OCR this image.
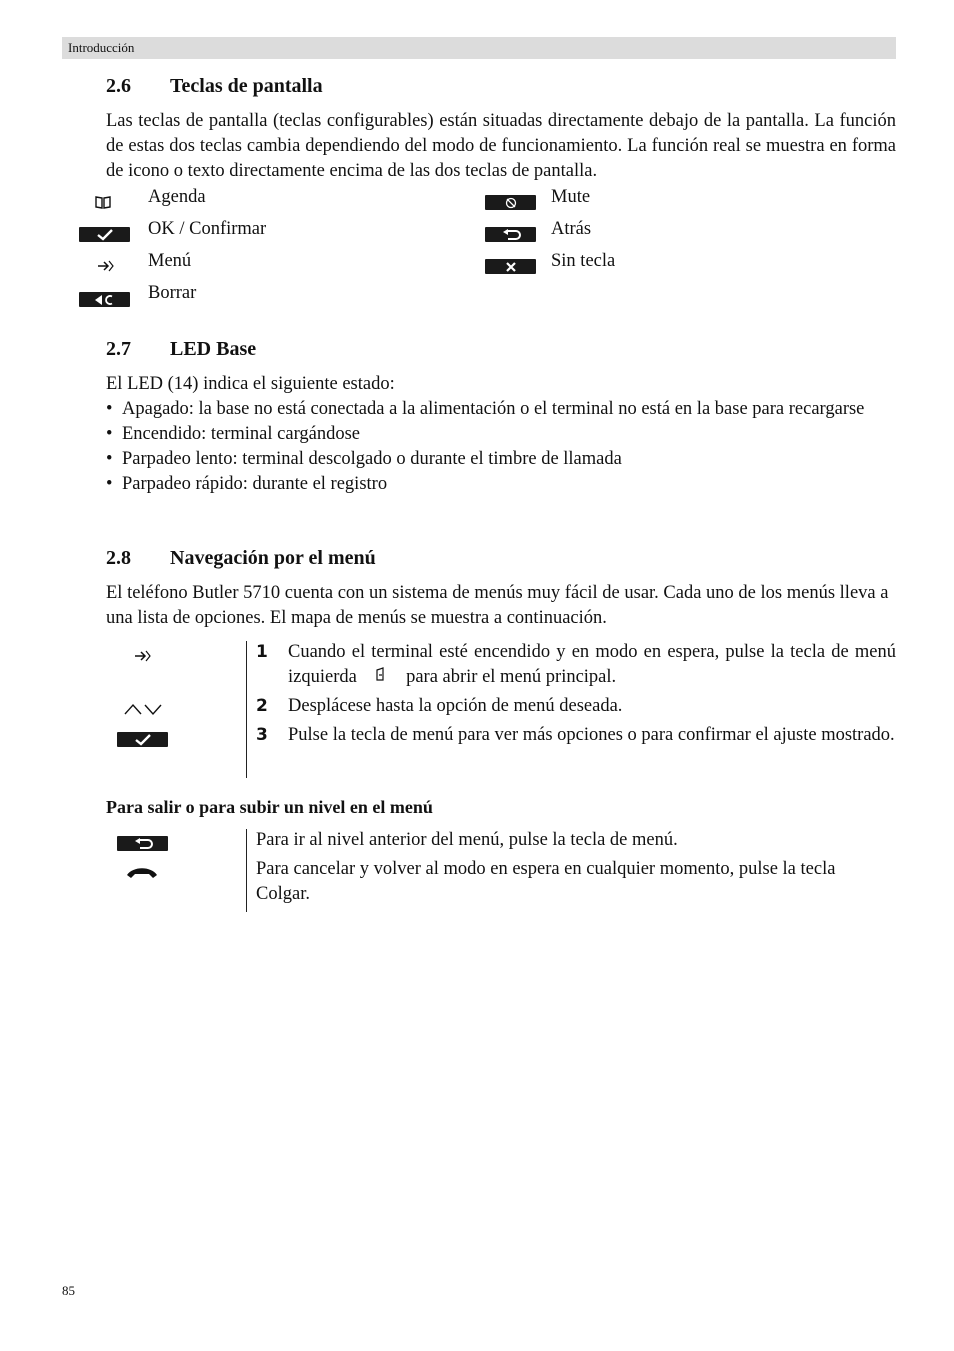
Introducción
2.6 Teclas de pantalla
Las teclas de pantalla (teclas configurables) están situadas directamente debajo de la pantalla. La función de estas dos teclas cambia dependiendo del modo de funcionamiento. La función real se muestra en forma de icono o texto directamente encima de las dos teclas de pantalla.
Agenda
OK / Confirmar
Menú
Borrar
Mute
Atrás
Sin tecla
2.7 LED Base
El LED (14) indica el siguiente estado:
• Apagado: la base no está conectada a la alimentación o el terminal no está en la base para recargarse
• Encendido: terminal cargándose
• Parpadeo lento: terminal descolgado o durante el timbre de llamada
• Parpadeo rápido: durante el registro
2.8 Navegación por el menú
El teléfono Butler 5710 cuenta con un sistema de menús muy fácil de usar. Cada uno de los menús lleva a una lista de opciones. El mapa de menús se muestra a continuación.
1 Cuando el terminal esté encendido y en modo en espera, pulse la tecla de menú izquierda	para abrir el menú principal.
2 Desplácese hasta la opción de menú deseada.
3 Pulse la tecla de menú para ver más opciones o para confirmar el ajuste mostrado.
Para salir o para subir un nivel en el menú
Para ir al nivel anterior del menú, pulse la tecla de menú.
Para cancelar y volver al modo en espera en cualquier momento, pulse la tecla Colgar.
85
